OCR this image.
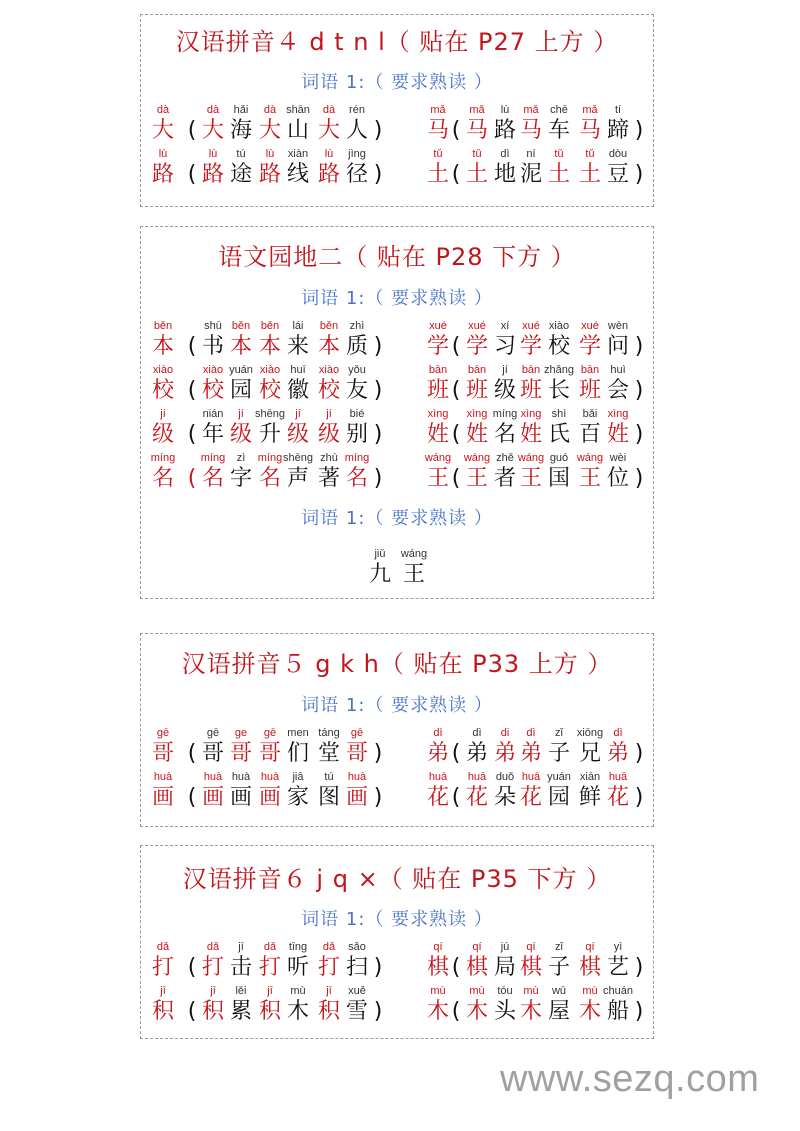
汉语拼音４ d t n l（ 贴在 P27 上方 ）
词语 1:（ 要求熟读 ）
dà
大 (
dà
大
hǎi
海
dà
大
shān
山
dà
大
rén
人 )
mǎ
马 (
mǎ
马
lù
路
mǎ
马
chē
车
mǎ
马
tí
蹄 )
lù
路 (
lù
路
tú
途
lù
路
xiàn
线
lù
路
jìng
径 )
tǔ
土 (
tǔ
土
dì
地
ní
泥
tǔ
土
tǔ
土
dòu
豆 )
语文园地二（ 贴在 P28 下方 ）
词语 1:（ 要求熟读 ）
běn
本 (
shū
书
běn
本
běn
本
lái
来
běn
本
zhì
质 )
xué
学 (
xué
学
xí
习
xué
学
xiào
校
xué
学
wèn
问 )
xiào
校 (
xiào
校
yuán
园
xiào
校
huī
徽
xiào
校
yǒu
友 )
bān
班 (
bān
班
jí
级
bān
班
zhǎng
长
bān
班
huì
会 )
jí
级 (
nián
年
jí
级
shēng
升
jí
级
jí
级
bié
别 )
xìng
姓 (
xìng
姓
míng
名
xìng
姓
shì
氏
bǎi
百
xìng
姓 )
míng
名 (
míng
名
zì
字
míng
名
shēng
声
zhù
著
míng
名 )
wáng
王 (
wáng
王
zhě
者
wáng
王
guó
国
wáng
王
wèi
位 )
词语 1:（ 要求熟读 ）
jiǔ
九
wáng
王
汉语拼音５ g k h（ 贴在 P33 上方 ）
词语 1:（ 要求熟读 ）
gē
哥 (
gē
哥
ge
哥
gē
哥
men
们
táng
堂
gē
哥 )
dì
弟 (
dì
弟
di
弟
dì
弟
zǐ
子
xiōng
兄
dì
弟 )
huà
画 (
huà
画
huà
画
huà
画
jiā
家
tú
图
huà
画 )
huā
花 (
huā
花
duǒ
朵
huā
花
yuán
园
xiān
鲜
huā
花 )
汉语拼音６ j q ×（ 贴在 P35 下方 ）
词语 1:（ 要求熟读 ）
dǎ
打 (
dǎ
打
jī
击
dǎ
打
tīng
听
dǎ
打
sǎo
扫 )
qí
棋 (
qí
棋
jú
局
qí
棋
zǐ
子
qí
棋
yì
艺 )
jī
积 (
jī
积
lěi
累
jī
积
mù
木
jī
积
xuě
雪 )
mù
木 (
mù
木
tóu
头
mù
木
wū
屋
mù
木
chuán
船 )
www.sezq.com
